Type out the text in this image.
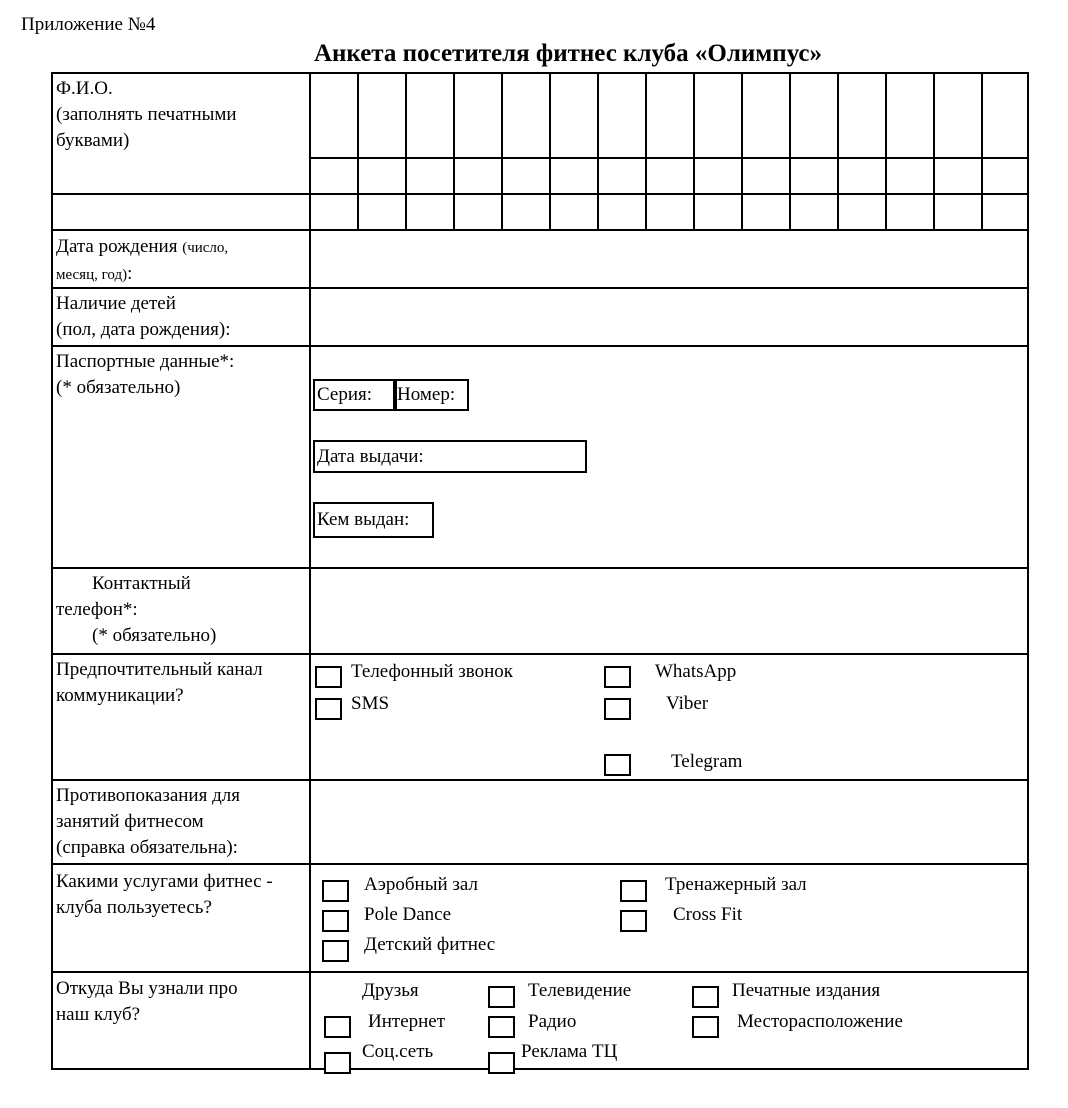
Приложение №4
Анкета посетителя фитнес клуба «Олимпус»
Ф.И.О.
(заполнять печатными
буквами)
Дата рождения (число,
месяц, год):
Наличие детей
(пол, дата рождения):
Паспортные данные*:
(* обязательно)	Серия:	Номер:
Дата выдачи:
Кем выдан:
Контактный
телефон*:
(* обязательно)
Предпочтительный канал
коммуникации?
Телефонный звонок
SMS
WhatsApp
Viber
Telegram
Противопоказания для
занятий фитнесом
(справка обязательна):
Какими услугами фитнес -
клуба пользуетесь?
Аэробный зал
Pole Dance
Детский фитнес
Тренажерный зал
Cross Fit
Откуда Вы узнали про
наш клуб?
Друзья
Интернет
Соц.сеть
Телевидение
Радио
Реклама ТЦ
Печатные издания
Месторасположение
